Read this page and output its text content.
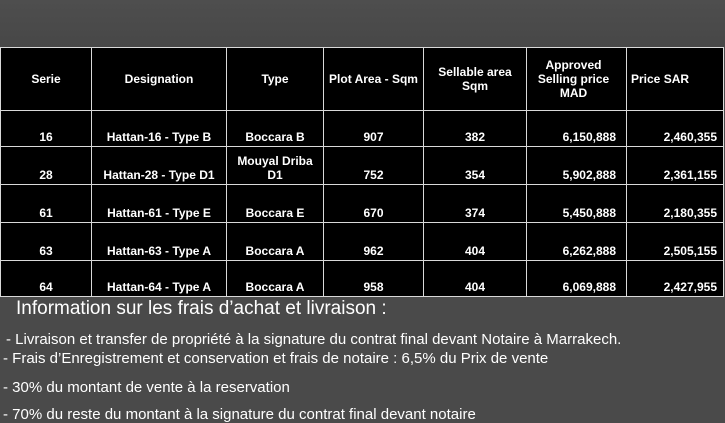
Serie	Designation	Type	Plot Area - Sqm	Sellable area Sqm	Approved Selling price MAD	Price SAR
16	Hattan-16 - Type B	Boccara B	907	382	6,150,888	2,460,355
28	Hattan-28 - Type D1	Mouyal Driba D1	752	354	5,902,888	2,361,155
61	Hattan-61 - Type E	Boccara E	670	374	5,450,888	2,180,355
63	Hattan-63 - Type A	Boccara A	962	404	6,262,888	2,505,155
64	Hattan-64 - Type A	Boccara A	958	404	6,069,888	2,427,955
Information sur les frais d’achat et livraison :
- Livraison et transfer de propriété à la signature du contrat final devant Notaire à Marrakech.
- Frais d’Enregistrement et conservation et frais de notaire : 6,5% du Prix de vente
- 30% du montant de vente à la reservation
- 70% du reste du montant à la signature du contrat final devant notaire
